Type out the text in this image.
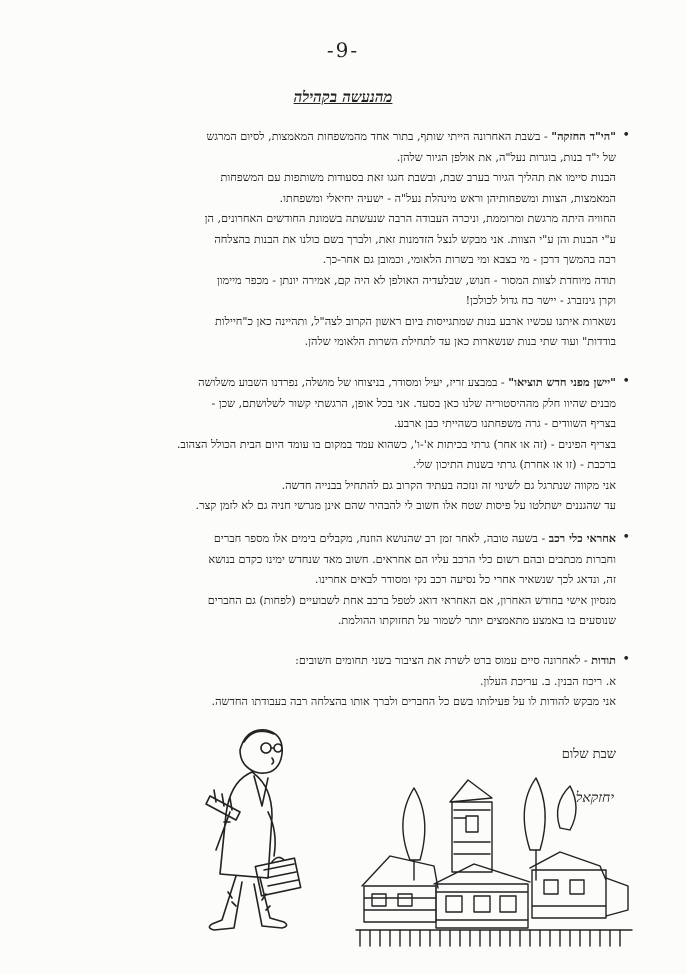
-9-
מהנעשה בקהילה
•

"הי"ד החזקה" - בשבת האחרונה הייתי שותף, בתור אחד מהמשפחות המאמצות, לסיום המרגש

של י"ד בנות, בוגרות נעל"ה, את אולפן הגיור שלהן.

הבנות סיימו את תהליך הגיור בערב שבת, ובשבת חגגו זאת בסעודות משותפות עם המשפחות

המאמצות, הצוות ומשפחותיהן וראש מינהלת נעל"ה - ישעיה יחיאלי ומשפחתו.

החוויה היתה מרגשת ומרוממת, וניכרה העבודה הרבה שנעשתה בשמונת החודשים האחרונים, הן

ע"י הבנות והן ע"י הצוות. אני מבקש לנצל הזדמנות זאת, ולברך בשם כולנו את הבנות בהצלחה

רבה בהמשך דרכן - מי בצבא ומי בשרות הלאומי, וכמובן גם אחר-כך.

תודה מיוחדת לצוות המסור - חנוש, שבלעדיה האולפן לא היה קם, אמירה יונתן - מכפר מיימון

וקרן גינזברג - יישר כח גדול לכולכן!

נשארות איתנו עכשיו ארבע בנות שמתגייסות ביום ראשון הקרוב לצה"ל, ותהיינה כאן כ"חיילות

בודדות" ועוד שתי בנות שנשארות כאן עד לתחילת השרות הלאומי שלהן.

•

"יישן מפני חדש תוציאו" - במבצע זריז, יעיל ומסודר, בניצוחו של מושלה, נפרדנו השבוע משלושה

מבנים שהיוו חלק מההיסטוריה שלנו כאן בסעד. אני בכל אופן, הרגשתי קשור לשלושתם, שכן -

בצריף השוודים - גרה משפחתנו כשהייתי כבן ארבע.

בצריף הפינים - (זה או אחר) גרתי בכיתות א'-ו', כשהוא עמד במקום בו עומד היום הבית הכולל הצהוב.

ברכבת - (זו או אחרת) גרתי בשנות התיכון שלי.

אני מקווה שנתרגל גם לשינוי זה ונזכה בעתיד הקרוב גם להתחיל בבנייה חדשה.

עד שהגננים ישתלטו על פיסות שטח אלו חשוב לי להבהיר שהם אינן מגרשי חניה גם לא לזמן קצר.

•

אחראי כלי רכב - בשעה טובה, לאחר זמן רב שהנושא הוזנח, מקבלים בימים אלו מספר חברים

וחברות מכתבים ובהם רשום כלי הרכב עליו הם אחראים. חשוב מאד שנחדש ימינו כקדם בנושא

זה, ונדאג לכך שנשאיר אחרי כל נסיעה רכב נקי ומסודר לבאים אחרינו.

מנסיון אישי בחודש האחרון, אם האחראי דואג לטפל ברכב אחת לשבועיים (לפחות) גם החברים

שנוסעים בו באמצע מתאמצים יותר לשמור על תחזוקתו ההולמת.

•

תודות - לאחרונה סיים עמוס ברט לשרת את הציבור בשני תחומים חשובים:

א. ריכוז הבנין. ב. עריכת העלון.

אני מבקש להודות לו על פעילותו בשם כל החברים ולברך אותו בהצלחה רבה בעבודתו החדשה.

שבת שלום
יחזקאל
